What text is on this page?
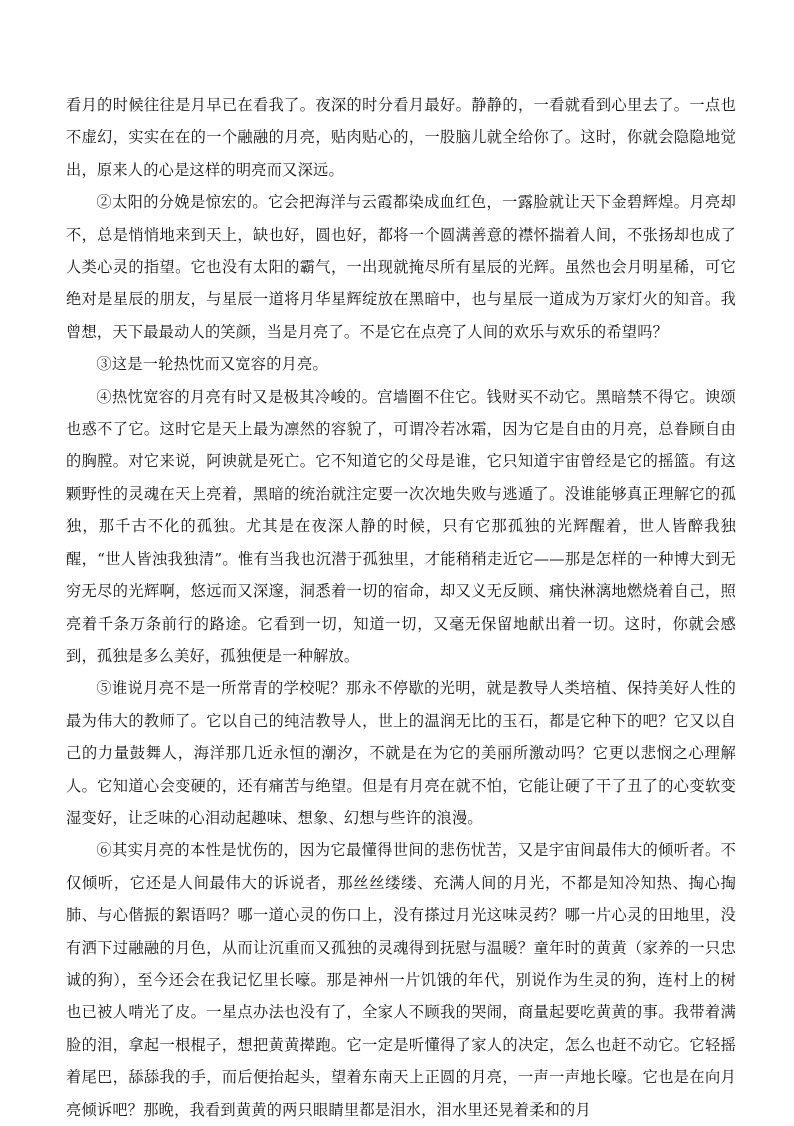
看月的时候往往是月早已在看我了。夜深的时分看月最好。静静的，一看就看到心里去了。一点也不虚幻，实实在在的一个融融的月亮，贴肉贴心的，一股脑儿就全给你了。这时，你就会隐隐地觉出，原来人的心是这样的明亮而又深远。

②太阳的分娩是惊宏的。它会把海洋与云霞都染成血红色，一露脸就让天下金碧辉煌。月亮却不，总是悄悄地来到天上，缺也好，圆也好，都将一个圆满善意的襟怀揣着人间，不张扬却也成了人类心灵的指望。它也没有太阳的霸气，一出现就掩尽所有星辰的光辉。虽然也会月明星稀，可它绝对是星辰的朋友，与星辰一道将月华星辉绽放在黑暗中，也与星辰一道成为万家灯火的知音。我曾想，天下最最动人的笑颜，当是月亮了。不是它在点亮了人间的欢乐与欢乐的希望吗？

③这是一轮热忱而又宽容的月亮。

④热忱宽容的月亮有时又是极其冷峻的。宫墙圈不住它。钱财买不动它。黑暗禁不得它。谀颂也惑不了它。这时它是天上最为凛然的容貌了，可谓冷若冰霜，因为它是自由的月亮，总眷顾自由的胸膛。对它来说，阿谀就是死亡。它不知道它的父母是谁，它只知道宇宙曾经是它的摇篮。有这颗野性的灵魂在天上亮着，黑暗的统治就注定要一次次地失败与逃遁了。没谁能够真正理解它的孤独，那千古不化的孤独。尤其是在夜深人静的时候，只有它那孤独的光辉醒着，世人皆醉我独醒，“世人皆浊我独清”。惟有当我也沉潜于孤独里，才能稍稍走近它——那是怎样的一种博大到无穷无尽的光辉啊，悠远而又深邃，洞悉着一切的宿命，却又义无反顾、痛快淋漓地燃烧着自己，照亮着千条万条前行的路途。它看到一切，知道一切，又毫无保留地献出着一切。这时，你就会感到，孤独是多么美好，孤独便是一种解放。

⑤谁说月亮不是一所常青的学校呢？那永不停歇的光明，就是教导人类培植、保持美好人性的最为伟大的教师了。它以自己的纯洁教导人，世上的温润无比的玉石，都是它种下的吧？它又以自己的力量鼓舞人，海洋那几近永恒的潮汐，不就是在为它的美丽所激动吗？它更以悲悯之心理解人。它知道心会变硬的，还有痛苦与绝望。但是有月亮在就不怕，它能让硬了干了丑了的心变软变湿变好，让乏味的心泪动起趣味、想象、幻想与些许的浪漫。

⑥其实月亮的本性是忧伤的，因为它最懂得世间的悲伤忧苦，又是宇宙间最伟大的倾听者。不仅倾听，它还是人间最伟大的诉说者，那丝丝缕缕、充满人间的月光，不都是知冷知热、掏心掏肺、与心偕振的絮语吗？哪一道心灵的伤口上，没有搽过月光这味灵药？哪一片心灵的田地里，没有洒下过融融的月色，从而让沉重而又孤独的灵魂得到抚慰与温暖？童年时的黄黄（家养的一只忠诚的狗），至今还会在我记忆里长嚎。那是神州一片饥饿的年代，别说作为生灵的狗，连村上的树也已被人啃光了皮。一星点办法也没有了，全家人不顾我的哭闹，商量起要吃黄黄的事。我带着满脸的泪，拿起一根棍子，想把黄黄撵跑。它一定是听懂得了家人的决定，怎么也赶不动它。它轻摇着尾巴，舔舔我的手，而后便抬起头，望着东南天上正圆的月亮，一声一声地长嚎。它也是在向月亮倾诉吧？那晚，我看到黄黄的两只眼睛里都是泪水，泪水里还晃着柔和的月
